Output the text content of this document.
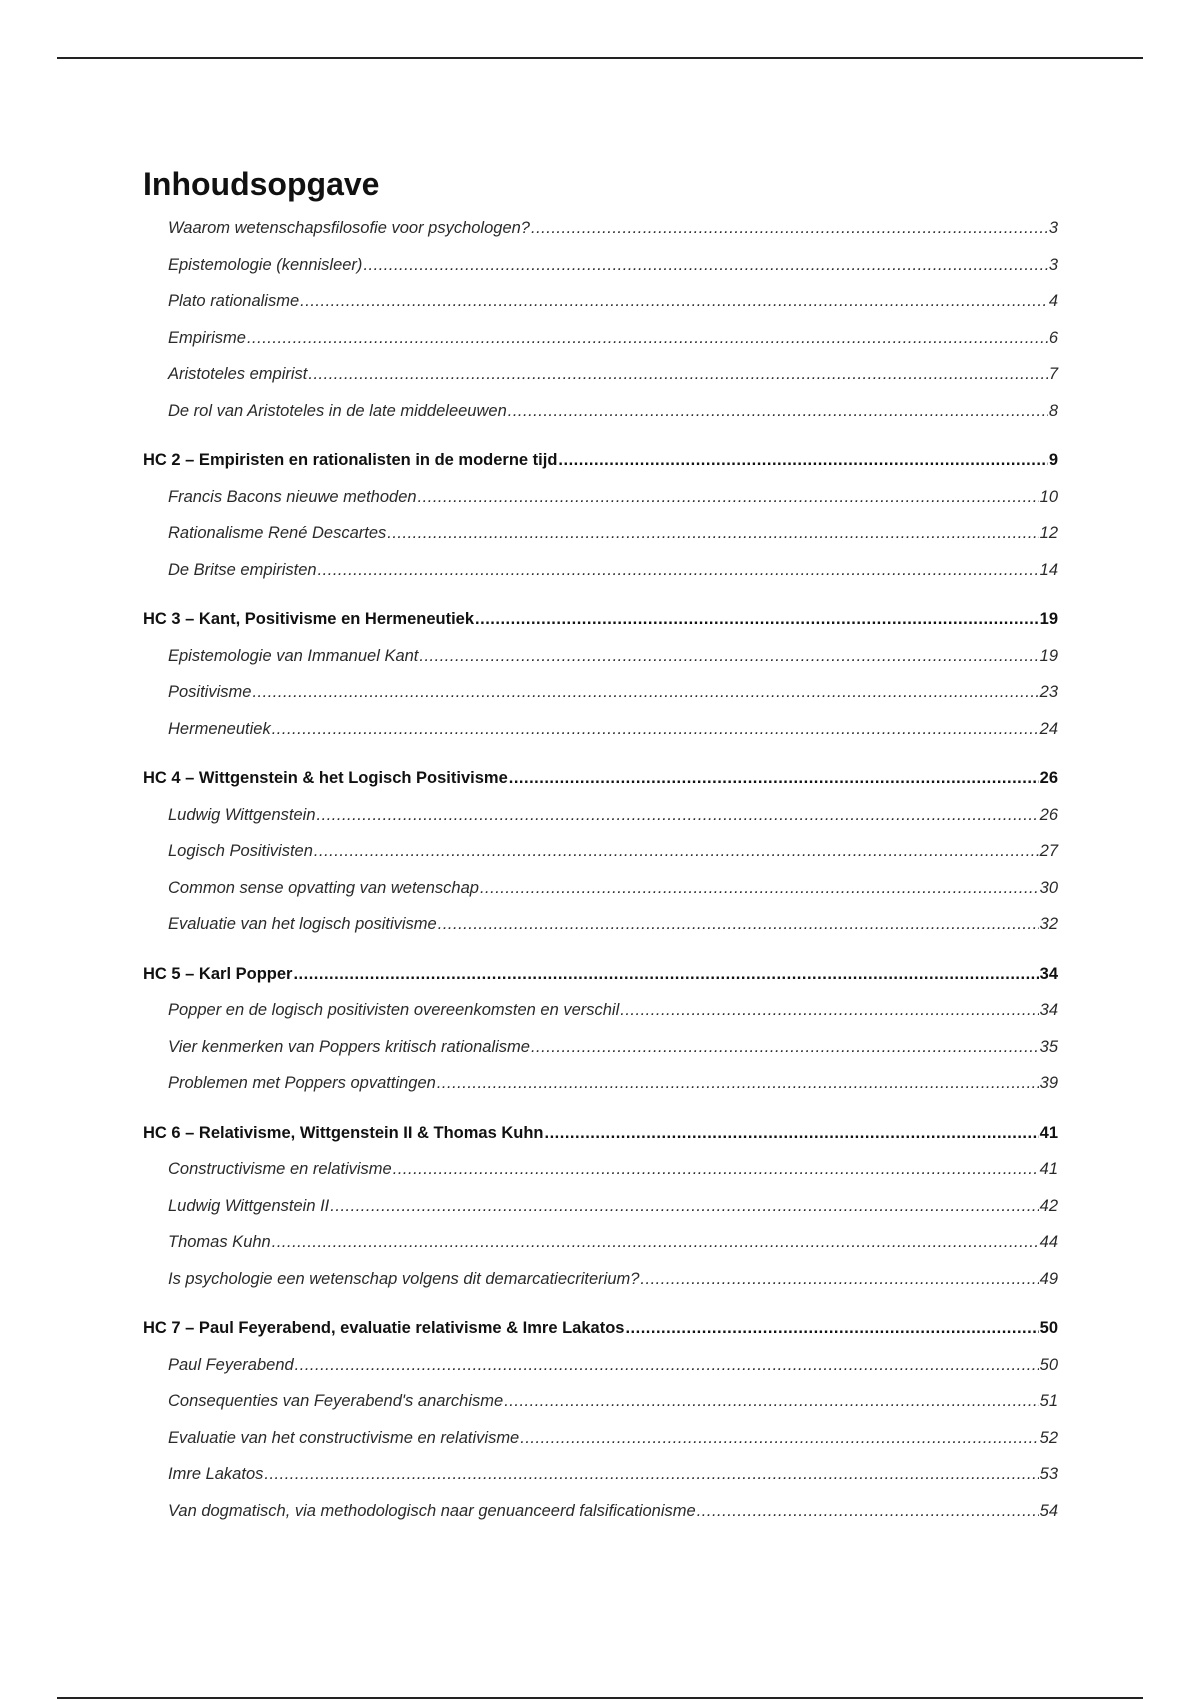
Inhoudsopgave
Waarom wetenschapsfilosofie voor psychologen? .....	3
Epistemologie (kennisleer) .....	3
Plato rationalisme .....	4
Empirisme .....	6
Aristoteles empirist .....	7
De rol van Aristoteles in de late middeleeuwen .....	8
HC 2 – Empiristen en rationalisten in de moderne tijd .....	9
Francis Bacons nieuwe methoden .....	10
Rationalisme René Descartes .....	12
De Britse empiristen .....	14
HC 3 – Kant, Positivisme en Hermeneutiek .....	19
Epistemologie van Immanuel Kant .....	19
Positivisme .....	23
Hermeneutiek .....	24
HC 4 – Wittgenstein & het Logisch Positivisme .....	26
Ludwig Wittgenstein .....	26
Logisch Positivisten .....	27
Common sense opvatting van wetenschap .....	30
Evaluatie van het logisch positivisme .....	32
HC 5 – Karl Popper .....	34
Popper en de logisch positivisten overeenkomsten en verschil .....	34
Vier kenmerken van Poppers kritisch rationalisme .....	35
Problemen met Poppers opvattingen .....	39
HC 6 – Relativisme, Wittgenstein II & Thomas Kuhn .....	41
Constructivisme en relativisme .....	41
Ludwig Wittgenstein II .....	42
Thomas Kuhn .....	44
Is psychologie een wetenschap volgens dit demarcatiecriterium? .....	49
HC 7 – Paul Feyerabend, evaluatie relativisme & Imre Lakatos .....	50
Paul Feyerabend .....	50
Consequenties van Feyerabend's anarchisme .....	51
Evaluatie van het constructivisme en relativisme .....	52
Imre Lakatos .....	53
Van dogmatisch, via methodologisch naar genuanceerd falsificationisme .....	54
